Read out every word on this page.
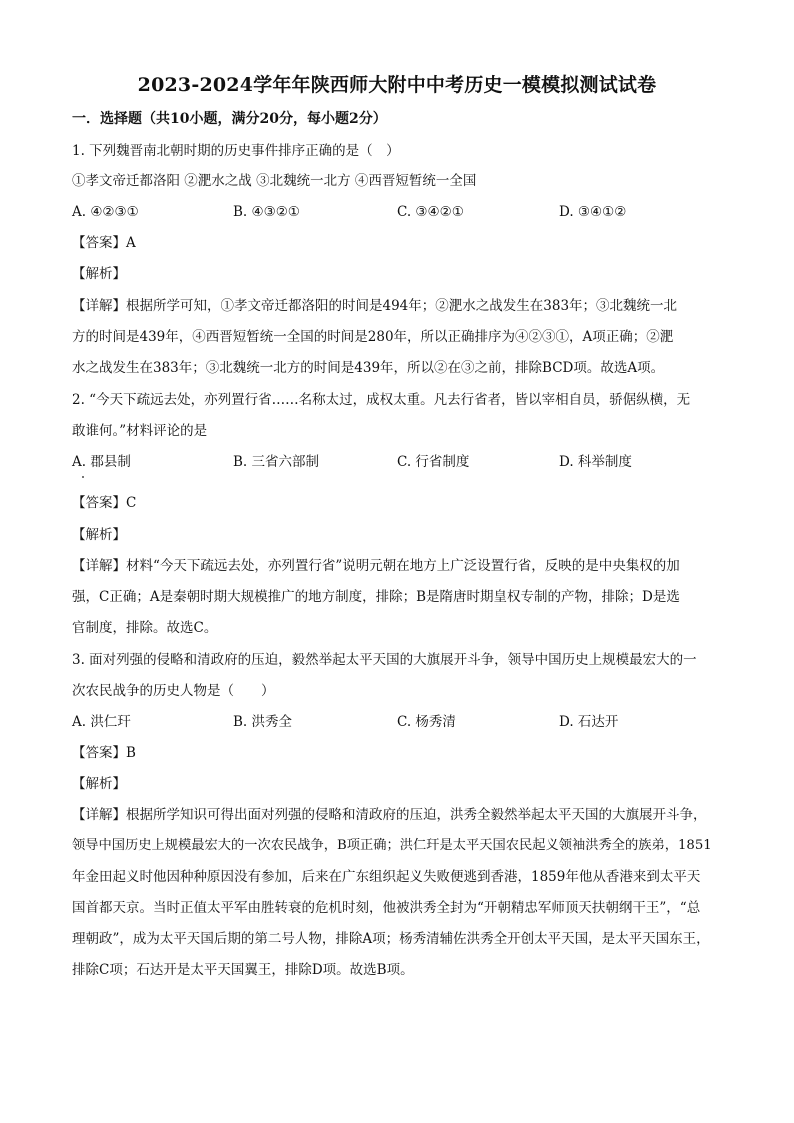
2023-2024学年年陕西师大附中中考历史一模模拟测试试卷
一．选择题（共10小题，满分20分，每小题2分）
1. 下列魏晋南北朝时期的历史事件排序正确的是（　）
①孝文帝迁都洛阳 ②淝水之战 ③北魏统一北方 ④西晋短暂统一全国
A. ④②③①	B. ④③②①	C. ③④②①	D. ③④①②
【答案】A
【解析】
【详解】根据所学可知，①孝文帝迁都洛阳的时间是494年；②淝水之战发生在383年；③北魏统一北
方的时间是439年，④西晋短暂统一全国的时间是280年，所以正确排序为④②③①，A项正确；②淝
水之战发生在383年；③北魏统一北方的时间是439年，所以②在③之前，排除BCD项。故选A项。
2. “今天下疏远去处，亦列置行省……名称太过，成权太重。凡去行省者，皆以宰相自员，骄倨纵横，无
敢谁何。”材料评论的是
A. 郡县制	B. 三省六部制	C. 行省制度	D. 科举制度
【答案】C
【解析】
【详解】材料“今天下疏远去处，亦列置行省”说明元朝在地方上广泛设置行省，反映的是中央集权的加
强，C正确；A是秦朝时期大规模推广的地方制度，排除；B是隋唐时期皇权专制的产物，排除；D是选
官制度，排除。故选C。
3. 面对列强的侵略和清政府的压迫，毅然举起太平天国的大旗展开斗争，领导中国历史上规模最宏大的一
次农民战争的历史人物是（　　）
A. 洪仁玕	B. 洪秀全	C. 杨秀清	D. 石达开
【答案】B
【解析】
【详解】根据所学知识可得出面对列强的侵略和清政府的压迫，洪秀全毅然举起太平天国的大旗展开斗争，
领导中国历史上规模最宏大的一次农民战争，B项正确；洪仁玕是太平天国农民起义领袖洪秀全的族弟，1851
年金田起义时他因种种原因没有参加，后来在广东组织起义失败便逃到香港，1859年他从香港来到太平天
国首都天京。当时正值太平军由胜转衰的危机时刻，他被洪秀全封为“开朝精忠军师顶天扶朝纲干王”，“总
理朝政”，成为太平天国后期的第二号人物，排除A项；杨秀清辅佐洪秀全开创太平天国，是太平天国东王，
排除C项；石达开是太平天国翼王，排除D项。故选B项。
